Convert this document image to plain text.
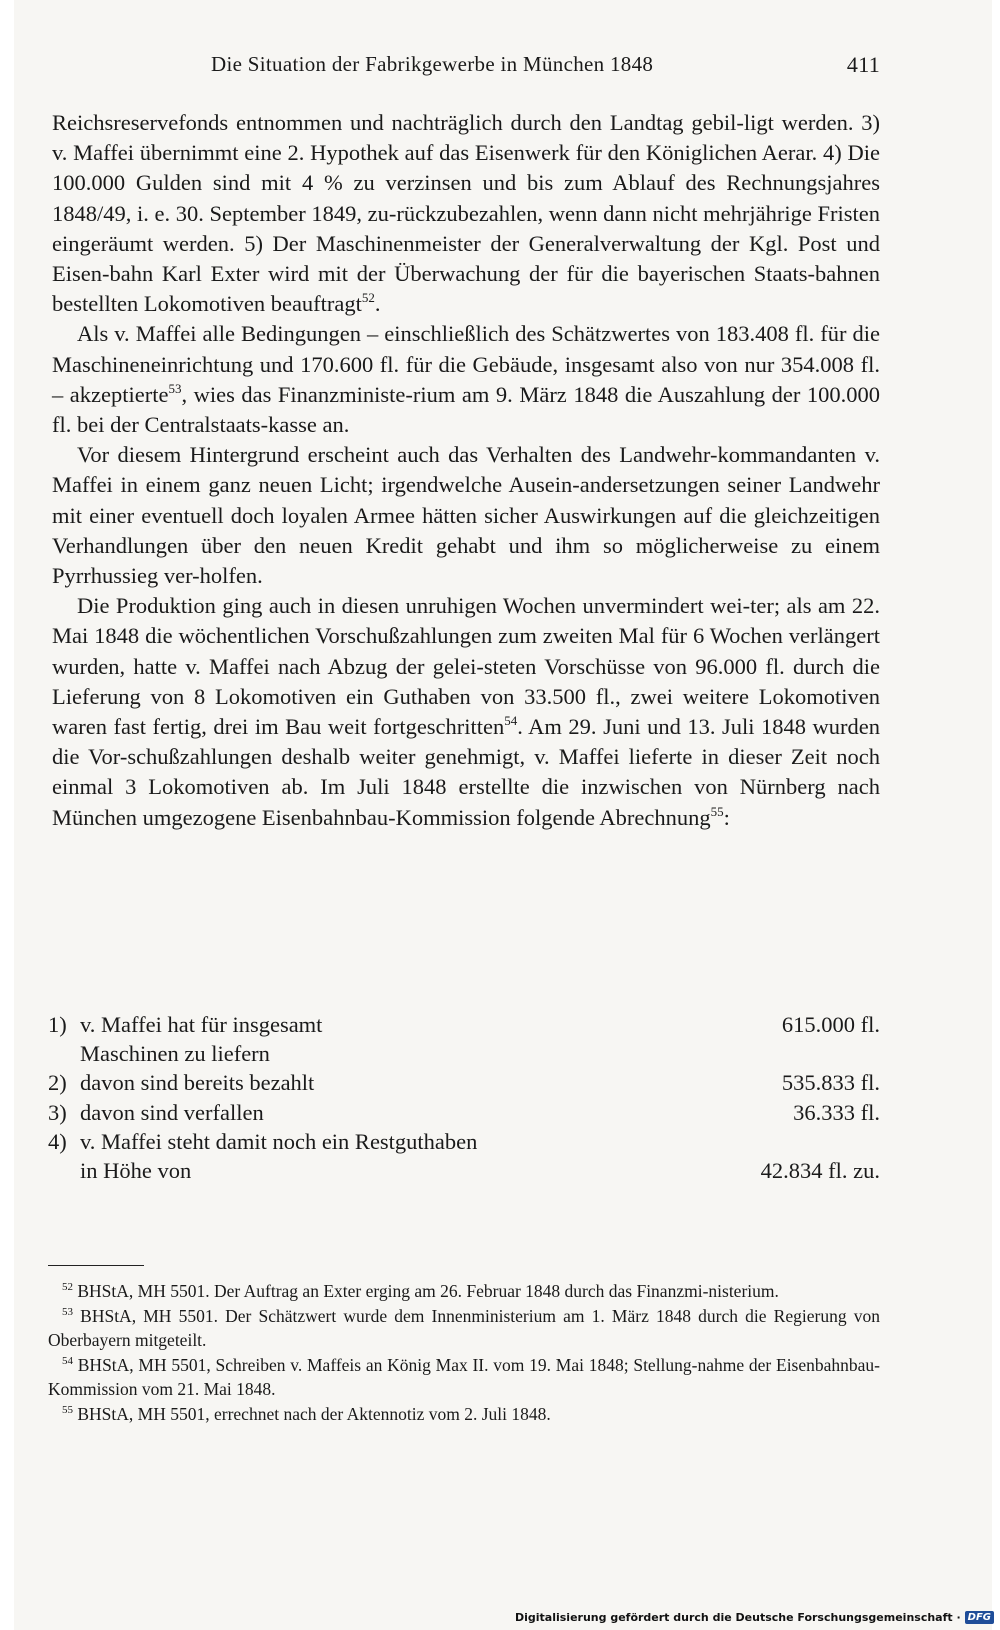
Die Situation der Fabrikgewerbe in München 1848	411

Reichsreservefonds entnommen und nachträglich durch den Landtag gebil-ligt werden. 3) v. Maffei übernimmt eine 2. Hypothek auf das Eisenwerk für den Königlichen Aerar. 4) Die 100.000 Gulden sind mit 4 % zu verzinsen und bis zum Ablauf des Rechnungsjahres 1848/49, i. e. 30. September 1849, zu-rückzubezahlen, wenn dann nicht mehrjährige Fristen eingeräumt werden. 5) Der Maschinenmeister der Generalverwaltung der Kgl. Post und Eisen-bahn Karl Exter wird mit der Überwachung der für die bayerischen Staats-bahnen bestellten Lokomotiven beauftragt$^{52}$.

Als v. Maffei alle Bedingungen – einschließlich des Schätzwertes von 183.408 fl. für die Maschineneinrichtung und 170.600 fl. für die Gebäude, insgesamt also von nur 354.008 fl. – akzeptierte$^{53}$, wies das Finanzministe-rium am 9. März 1848 die Auszahlung der 100.000 fl. bei der Centralstaats-kasse an.

Vor diesem Hintergrund erscheint auch das Verhalten des Landwehr-kommandanten v. Maffei in einem ganz neuen Licht; irgendwelche Ausein-andersetzungen seiner Landwehr mit einer eventuell doch loyalen Armee hätten sicher Auswirkungen auf die gleichzeitigen Verhandlungen über den neuen Kredit gehabt und ihm so möglicherweise zu einem Pyrrhussieg ver-holfen.

Die Produktion ging auch in diesen unruhigen Wochen unvermindert wei-ter; als am 22. Mai 1848 die wöchentlichen Vorschußzahlungen zum zweiten Mal für 6 Wochen verlängert wurden, hatte v. Maffei nach Abzug der gelei-steten Vorschüsse von 96.000 fl. durch die Lieferung von 8 Lokomotiven ein Guthaben von 33.500 fl., zwei weitere Lokomotiven waren fast fertig, drei im Bau weit fortgeschritten$^{54}$. Am 29. Juni und 13. Juli 1848 wurden die Vor-schußzahlungen deshalb weiter genehmigt, v. Maffei lieferte in dieser Zeit noch einmal 3 Lokomotiven ab. Im Juli 1848 erstellte die inzwischen von Nürnberg nach München umgezogene Eisenbahnbau-Kommission folgende Abrechnung$^{55}$:

1) v. Maffei hat für insgesamt	615.000 fl.
Maschinen zu liefern
2) davon sind bereits bezahlt	535.833 fl.
3) davon sind verfallen	36.333 fl.
4) v. Maffei steht damit noch ein Restguthaben
in Höhe von	42.834 fl. zu.

$^{52}$ BHStA, MH 5501. Der Auftrag an Exter erging am 26. Februar 1848 durch das Finanzmi-nisterium.

$^{53}$ BHStA, MH 5501. Der Schätzwert wurde dem Innenministerium am 1. März 1848 durch die Regierung von Oberbayern mitgeteilt.

$^{54}$ BHStA, MH 5501, Schreiben v. Maffeis an König Max II. vom 19. Mai 1848; Stellung-nahme der Eisenbahnbau-Kommission vom 21. Mai 1848.

$^{55}$ BHStA, MH 5501, errechnet nach der Aktennotiz vom 2. Juli 1848.

Digitalisierung gefördert durch die Deutsche Forschungsgemeinschaft · DFG
